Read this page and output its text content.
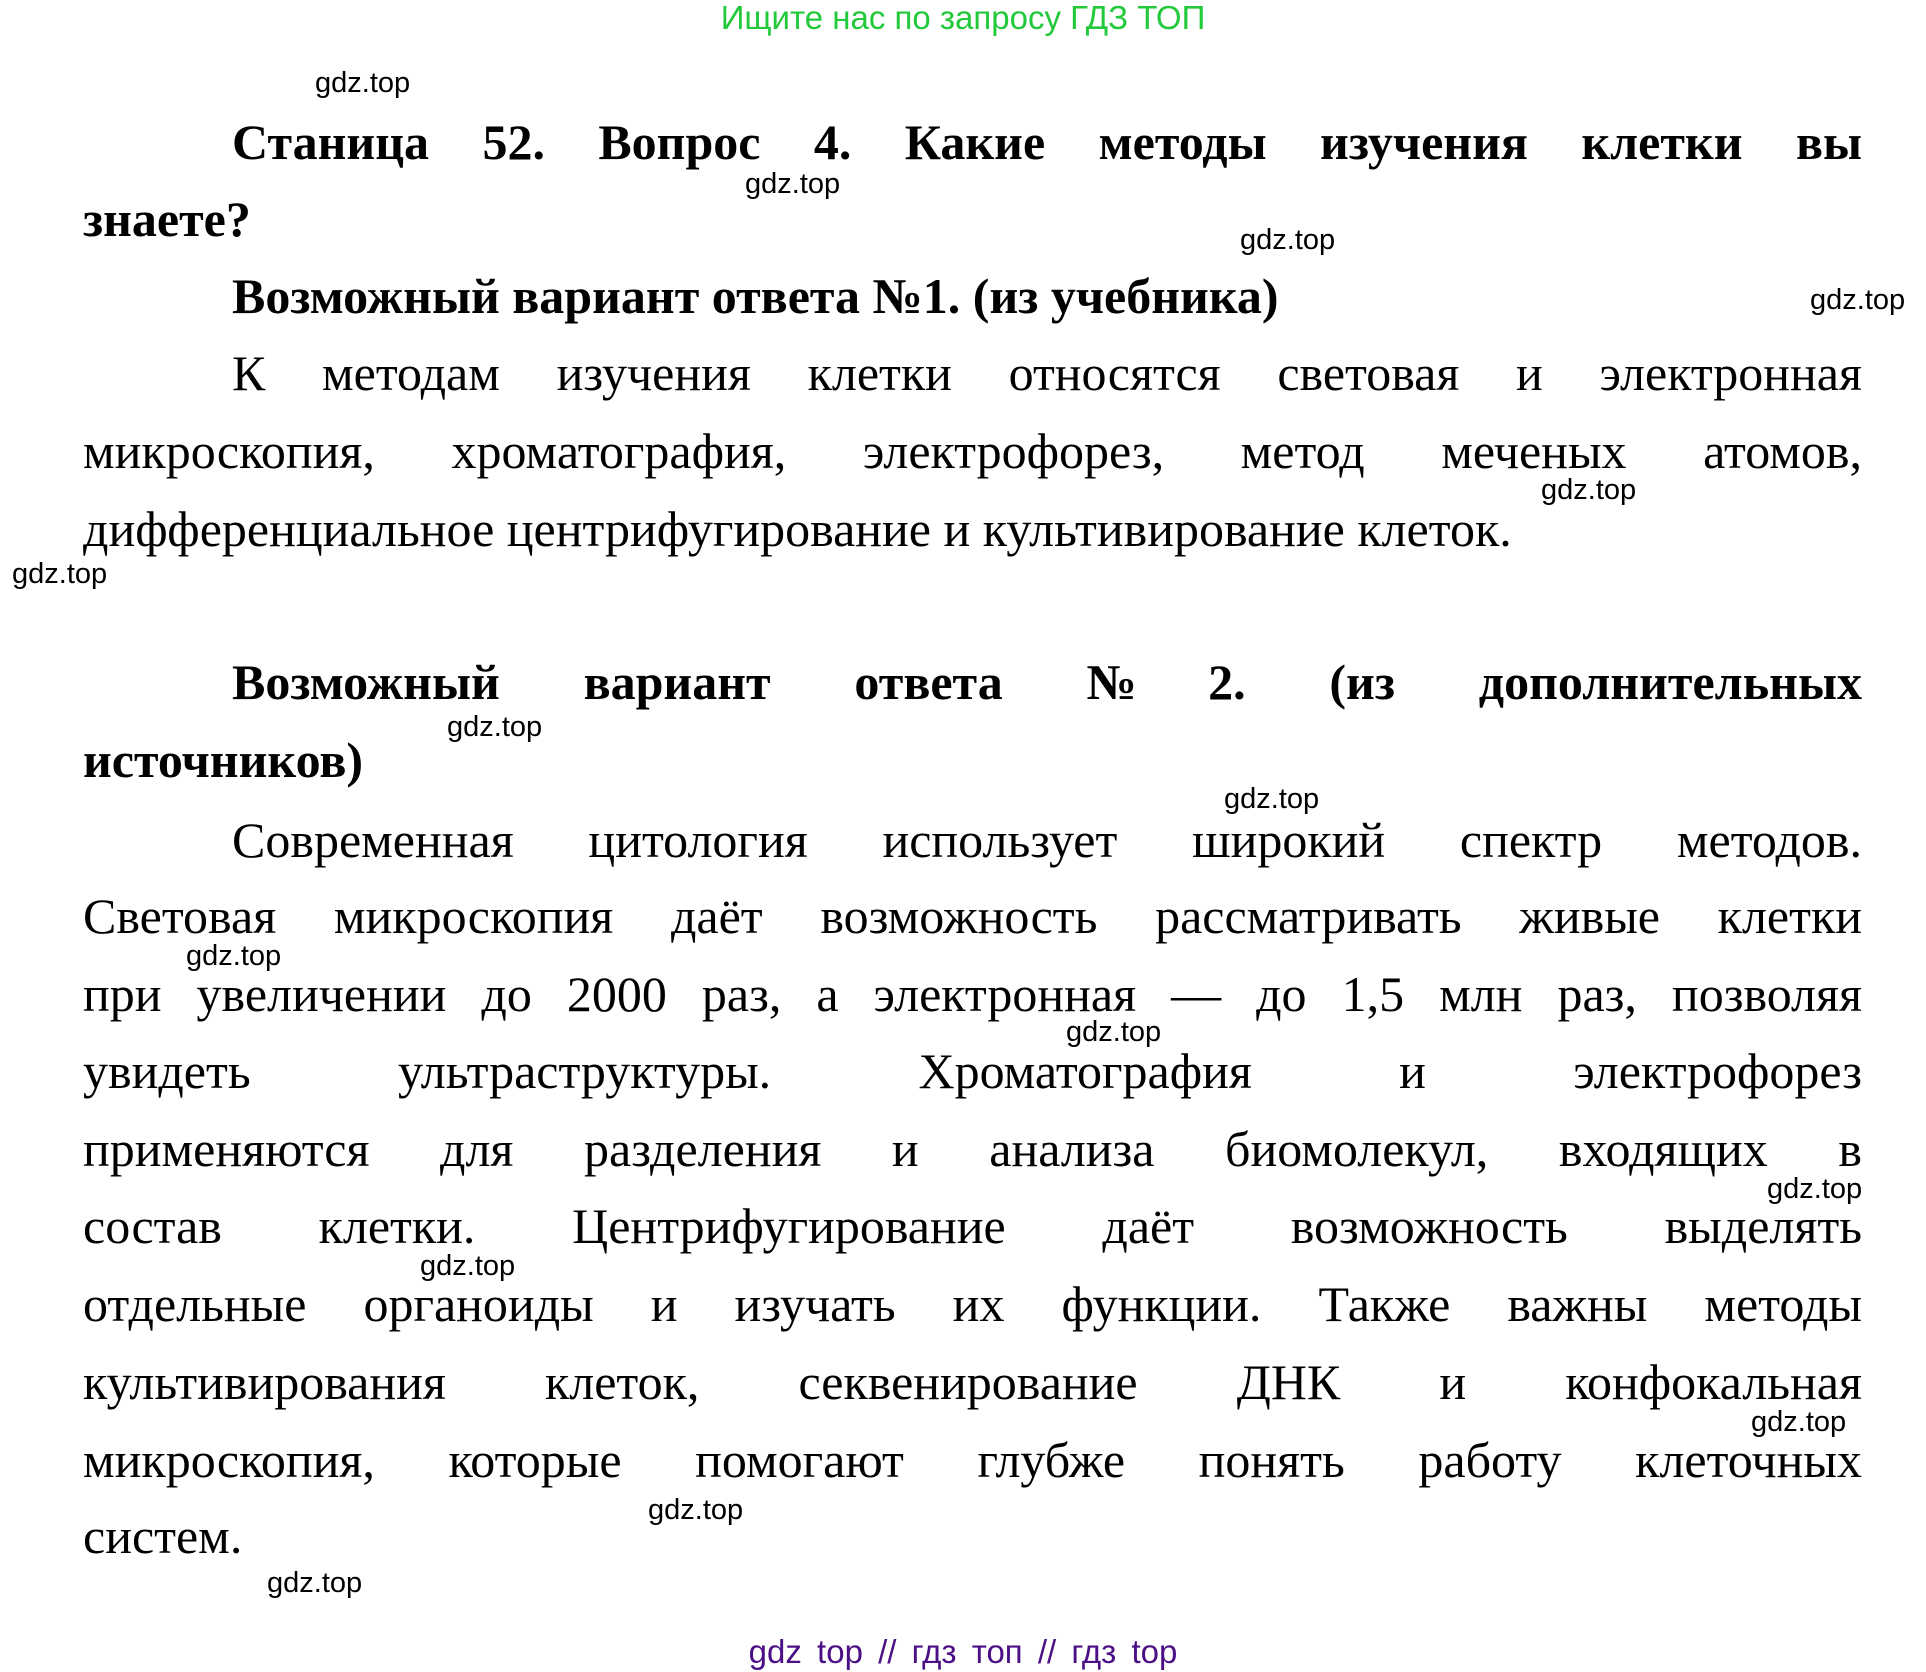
Ищите нас по запросу ГДЗ ТОП
Станица 52. Вопрос 4. Какие методы изучения клетки вы
знаете?
Возможный вариант ответа №1. (из учебника)
К методам изучения клетки относятся световая и электронная
микроскопия, хроматография, электрофорез, метод меченых атомов,
дифференциальное центрифугирование и культивирование клеток.
Возможный вариант ответа №2. (из дополнительных
источников)
Современная цитология использует широкий спектр методов.
Световая микроскопия даёт возможность рассматривать живые клетки
при увеличении до 2000 раз, а электронная — до 1,5 млн раз, позволяя
увидеть ультраструктуры. Хроматография и электрофорез
применяются для разделения и анализа биомолекул, входящих в
состав клетки. Центрифугирование даёт возможность выделять
отдельные органоиды и изучать их функции. Также важны методы
культивирования клеток, секвенирование ДНК и конфокальная
микроскопия, которые помогают глубже понять работу клеточных
систем.
gdz.top
gdz.top
gdz.top
gdz.top
gdz.top
gdz.top
gdz.top
gdz.top
gdz.top
gdz.top
gdz.top
gdz.top
gdz.top
gdz.top
gdz.top
gdz top // гдз топ // гдз top
